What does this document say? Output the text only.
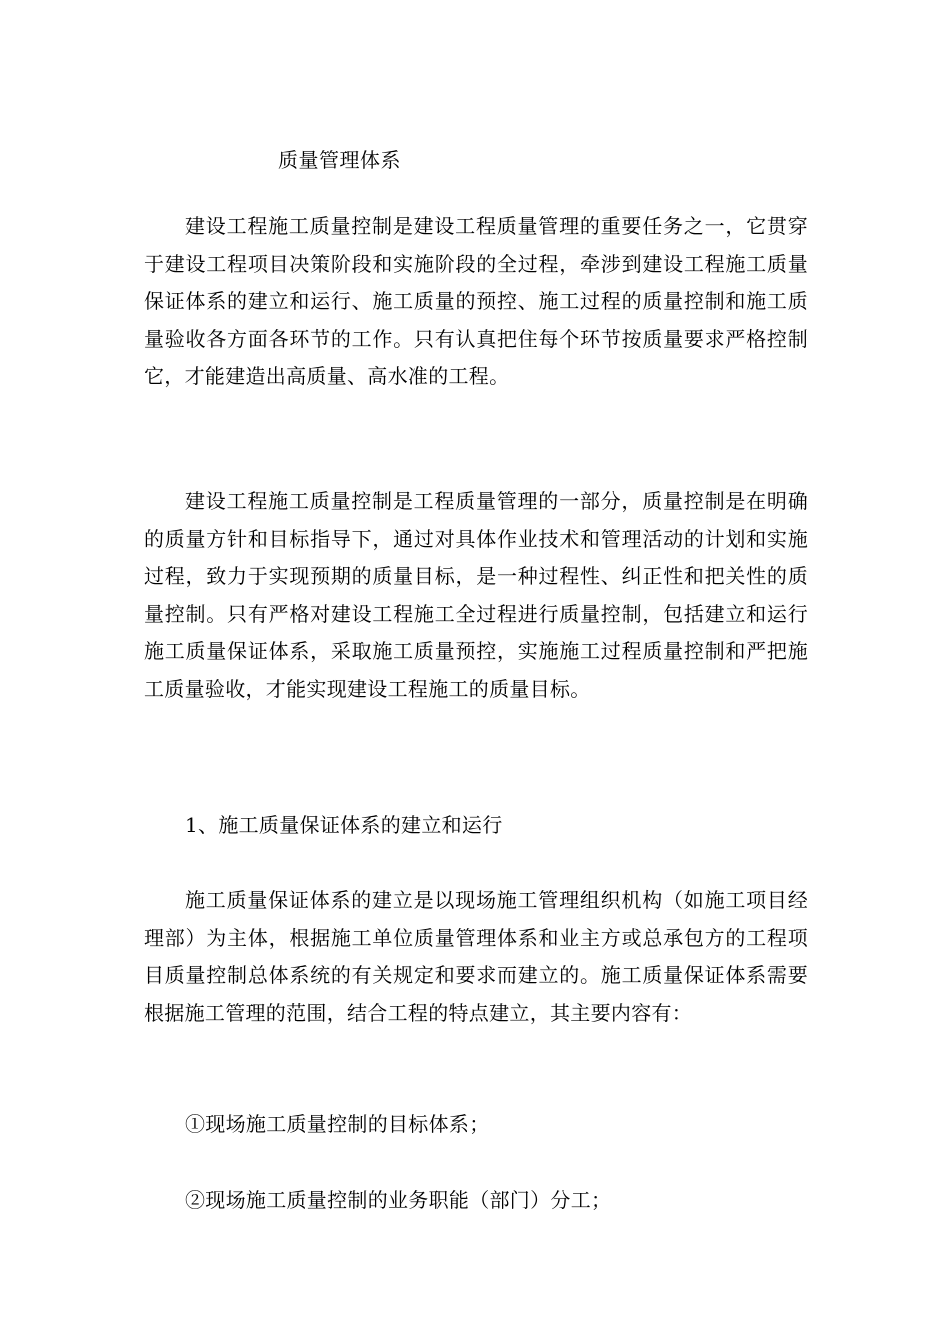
质量管理体系

建设工程施工质量控制是建设工程质量管理的重要任务之一，它贯穿于建设工程项目决策阶段和实施阶段的全过程，牵涉到建设工程施工质量保证体系的建立和运行、施工质量的预控、施工过程的质量控制和施工质量验收各方面各环节的工作。只有认真把住每个环节按质量要求严格控制它，才能建造出高质量、高水准的工程。

建设工程施工质量控制是工程质量管理的一部分，质量控制是在明确的质量方针和目标指导下，通过对具体作业技术和管理活动的计划和实施过程，致力于实现预期的质量目标，是一种过程性、纠正性和把关性的质量控制。只有严格对建设工程施工全过程进行质量控制，包括建立和运行施工质量保证体系，采取施工质量预控，实施施工过程质量控制和严把施工质量验收，才能实现建设工程施工的质量目标。

1、施工质量保证体系的建立和运行

施工质量保证体系的建立是以现场施工管理组织机构（如施工项目经理部）为主体，根据施工单位质量管理体系和业主方或总承包方的工程项目质量控制总体系统的有关规定和要求而建立的。施工质量保证体系需要根据施工管理的范围，结合工程的特点建立，其主要内容有：

①现场施工质量控制的目标体系；

②现场施工质量控制的业务职能（部门）分工；
